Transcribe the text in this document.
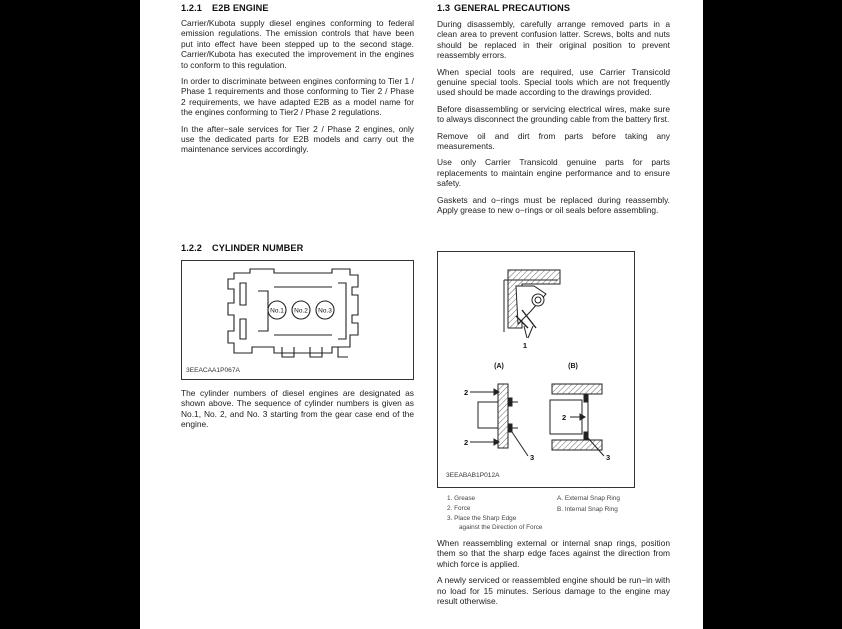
1.2.1 E2B ENGINE

Carrier/Kubota supply diesel engines conforming to federal emission regulations. The emission controls that have been put into effect have been stepped up to the second stage. Carrier/Kubota has executed the improvement in the engines to conform to this regulation.

In order to discriminate between engines conforming to Tier 1 / Phase 1 requirements and those conforming to Tier 2 / Phase 2 requirements, we have adapted E2B as a model name for the engines conforming to Tier2 / Phase 2 regulations.

In the after−sale services for Tier 2 / Phase 2 engines, only use the dedicated parts for E2B models and carry out the maintenance services accordingly.

1.2.2 CYLINDER NUMBER

No.1 No.2 No.3
3EEACAA1P067A

The cylinder numbers of diesel engines are designated as shown above. The sequence of cylinder numbers is given as No.1, No. 2, and No. 3 starting from the gear case end of the engine.

1.3 GENERAL PRECAUTIONS

During disassembly, carefully arrange removed parts in a clean area to prevent confusion latter. Screws, bolts and nuts should be replaced in their original position to prevent reassembly errors.

When special tools are required, use Carrier Transicold genuine special tools. Special tools which are not frequently used should be made according to the drawings provided.

Before disassembling or servicing electrical wires, make sure to always disconnect the grounding cable from the battery first.

Remove oil and dirt from parts before taking any measurements.

Use only Carrier Transicold genuine parts for parts replacements to maintain engine performance and to ensure safety.

Gaskets and o−rings must be replaced during reassembly. Apply grease to new o−rings or oil seals before assembling.

1
(A)	(B)
2
2
3
2
3
3EEABAB1P012A
1. Grease
2. Force
3. Place the Sharp Edge
against the Direction of Force
A. External Snap Ring
B. Internal Snap Ring

When reassembling external or internal snap rings, position them so that the sharp edge faces against the direction from which force is applied.

A newly serviced or reassembled engine should be run−in with no load for 15 minutes. Serious damage to the engine may result otherwise.
